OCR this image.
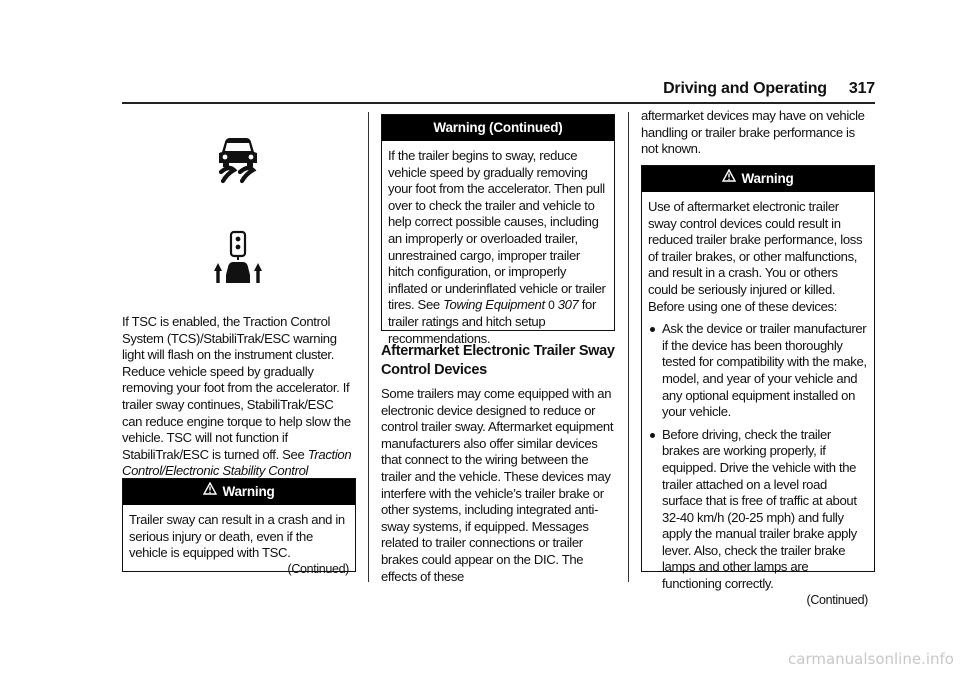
Driving and Operating 317

If TSC is enabled, the Traction Control System (TCS)/StabiliTrak/ESC warning light will flash on the instrument cluster. Reduce vehicle speed by gradually removing your foot from the accelerator. If trailer sway continues, StabiliTrak/ESC can reduce engine torque to help slow the vehicle. TSC will not function if StabiliTrak/ESC is turned off. See Traction Control/Electronic Stability Control

Warning

Trailer sway can result in a crash and in serious injury or death, even if the vehicle is equipped with TSC.

(Continued)
Warning (Continued)

If the trailer begins to sway, reduce vehicle speed by gradually removing your foot from the accelerator. Then pull over to check the trailer and vehicle to help correct possible causes, including an improperly or overloaded trailer, unrestrained cargo, improper trailer hitch configuration, or improperly inflated or underinflated vehicle or trailer tires. See Towing Equipment 0 307 for trailer ratings and hitch setup recommendations.

Aftermarket Electronic Trailer Sway Control Devices

Some trailers may come equipped with an electronic device designed to reduce or control trailer sway. Aftermarket equipment manufacturers also offer similar devices that connect to the wiring between the trailer and the vehicle. These devices may interfere with the vehicle’s trailer brake or other systems, including integrated anti-sway systems, if equipped. Messages related to trailer connections or trailer brakes could appear on the DIC. The effects of these

aftermarket devices may have on vehicle handling or trailer brake performance is not known.

Warning

Use of aftermarket electronic trailer sway control devices could result in reduced trailer brake performance, loss of trailer brakes, or other malfunctions, and result in a crash. You or others could be seriously injured or killed. Before using one of these devices:

Ask the device or trailer manufacturer if the device has been thoroughly tested for compatibility with the make, model, and year of your vehicle and any optional equipment installed on your vehicle.
Before driving, check the trailer brakes are working properly, if equipped. Drive the vehicle with the trailer attached on a level road surface that is free of traffic at about 32-40 km/h (20-25 mph) and fully apply the manual trailer brake apply lever. Also, check the trailer brake lamps and other lamps are functioning correctly.
(Continued)
carmanualsonline.info
